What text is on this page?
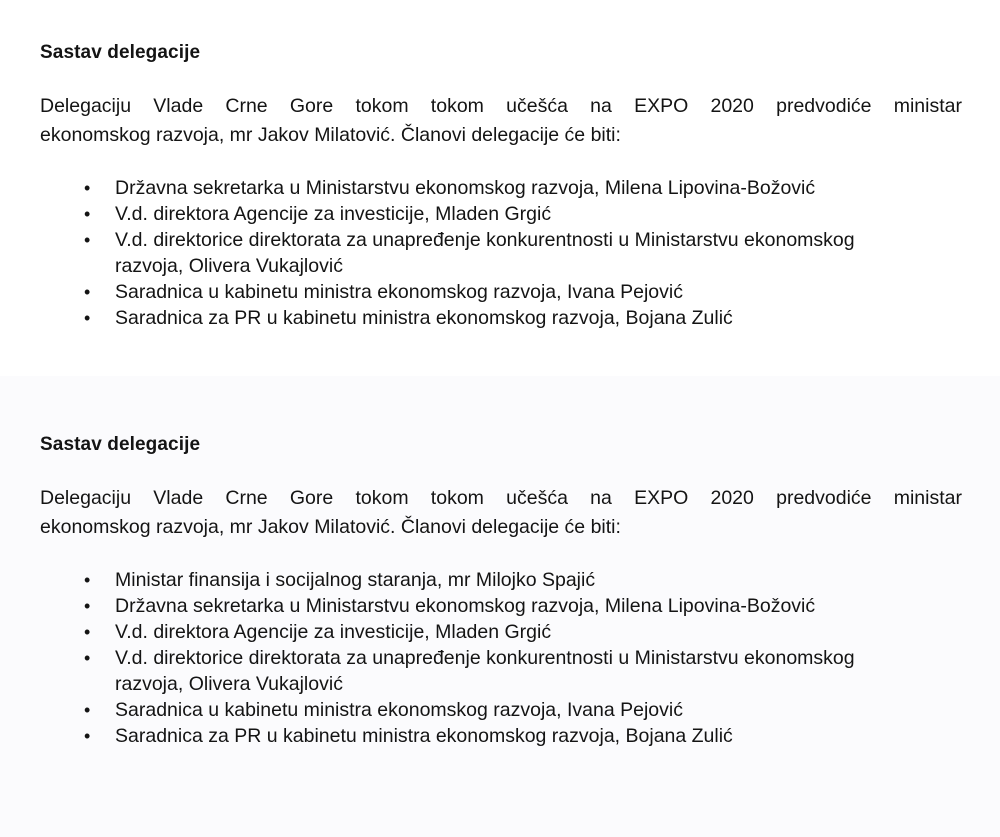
Sastav delegacije

Delegaciju Vlade Crne Gore tokom tokom učešća na EXPO 2020 predvodiće ministar
ekonomskog razvoja, mr Jakov Milatović. Članovi delegacije će biti:

• Državna sekretarka u Ministarstvu ekonomskog razvoja, Milena Lipovina-Božović
• V.d. direktora Agencije za investicije, Mladen Grgić
• V.d. direktorice direktorata za unapređenje konkurentnosti u Ministarstvu ekonomskog razvoja, Olivera Vukajlović
• Saradnica u kabinetu ministra ekonomskog razvoja, Ivana Pejović
• Saradnica za PR u kabinetu ministra ekonomskog razvoja, Bojana Zulić
Sastav delegacije

Delegaciju Vlade Crne Gore tokom tokom učešća na EXPO 2020 predvodiće ministar
ekonomskog razvoja, mr Jakov Milatović. Članovi delegacije će biti:

• Ministar finansija i socijalnog staranja, mr Milojko Spajić
• Državna sekretarka u Ministarstvu ekonomskog razvoja, Milena Lipovina-Božović
• V.d. direktora Agencije za investicije, Mladen Grgić
• V.d. direktorice direktorata za unapređenje konkurentnosti u Ministarstvu ekonomskog razvoja, Olivera Vukajlović
• Saradnica u kabinetu ministra ekonomskog razvoja, Ivana Pejović
• Saradnica za PR u kabinetu ministra ekonomskog razvoja, Bojana Zulić
